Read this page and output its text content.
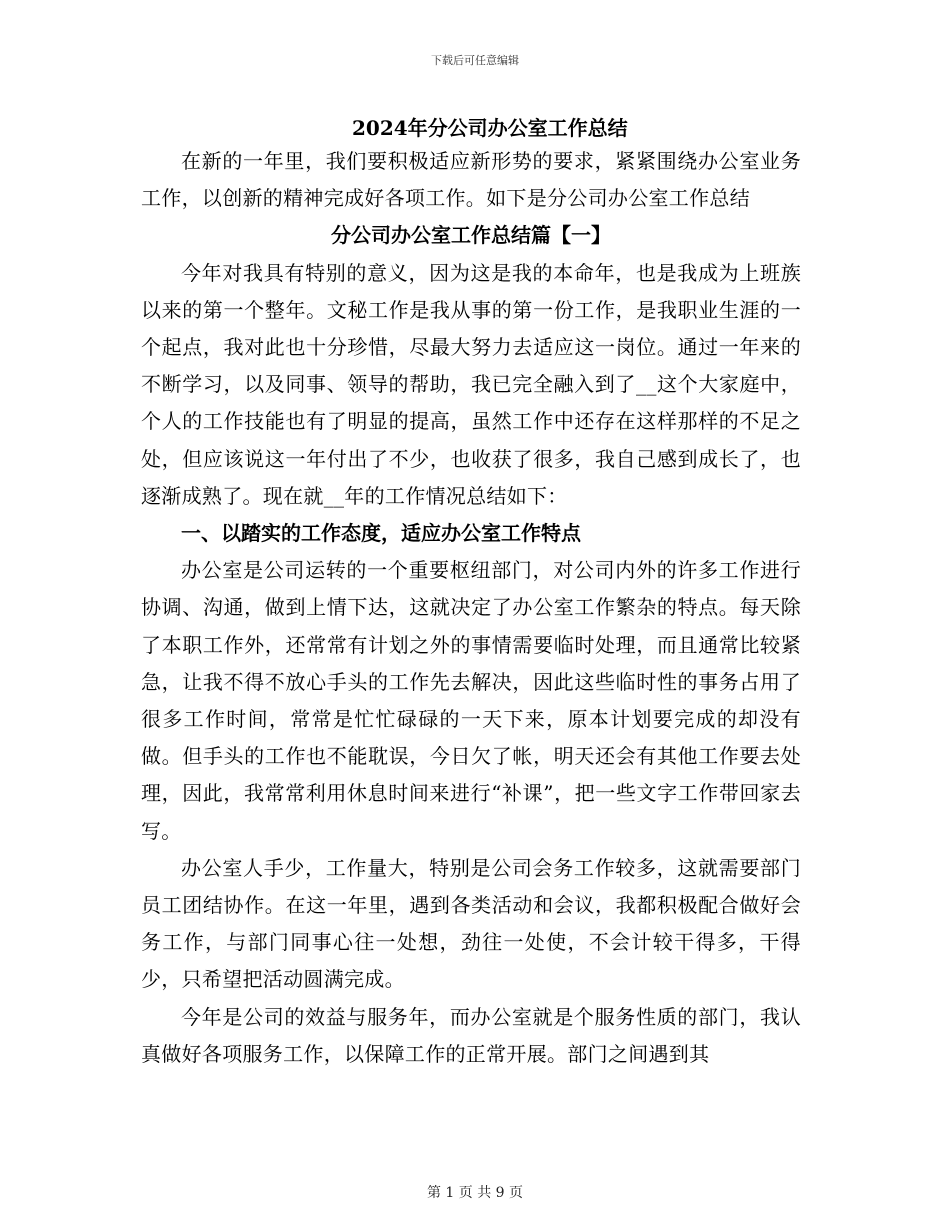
下载后可任意编辑

2024年分公司办公室工作总结

在新的一年里，我们要积极适应新形势的要求，紧紧围绕办公室业务工作，以创新的精神完成好各项工作。如下是分公司办公室工作总结

分公司办公室工作总结篇【一】

今年对我具有特别的意义，因为这是我的本命年，也是我成为上班族以来的第一个整年。文秘工作是我从事的第一份工作，是我职业生涯的一个起点，我对此也十分珍惜，尽最大努力去适应这一岗位。通过一年来的不断学习，以及同事、领导的帮助，我已完全融入到了__这个大家庭中，个人的工作技能也有了明显的提高，虽然工作中还存在这样那样的不足之处，但应该说这一年付出了不少，也收获了很多，我自己感到成长了，也逐渐成熟了。现在就__年的工作情况总结如下：

一、以踏实的工作态度，适应办公室工作特点

办公室是公司运转的一个重要枢纽部门，对公司内外的许多工作进行协调、沟通，做到上情下达，这就决定了办公室工作繁杂的特点。每天除了本职工作外，还常常有计划之外的事情需要临时处理，而且通常比较紧急，让我不得不放心手头的工作先去解决，因此这些临时性的事务占用了很多工作时间，常常是忙忙碌碌的一天下来，原本计划要完成的却没有做。但手头的工作也不能耽误，今日欠了帐，明天还会有其他工作要去处理，因此，我常常利用休息时间来进行“补课”，把一些文字工作带回家去写。

办公室人手少，工作量大，特别是公司会务工作较多，这就需要部门员工团结协作。在这一年里，遇到各类活动和会议，我都积极配合做好会务工作，与部门同事心往一处想，劲往一处使，不会计较干得多，干得少，只希望把活动圆满完成。

今年是公司的效益与服务年，而办公室就是个服务性质的部门，我认真做好各项服务工作，以保障工作的正常开展。部门之间遇到其

第 1 页 共 9 页
